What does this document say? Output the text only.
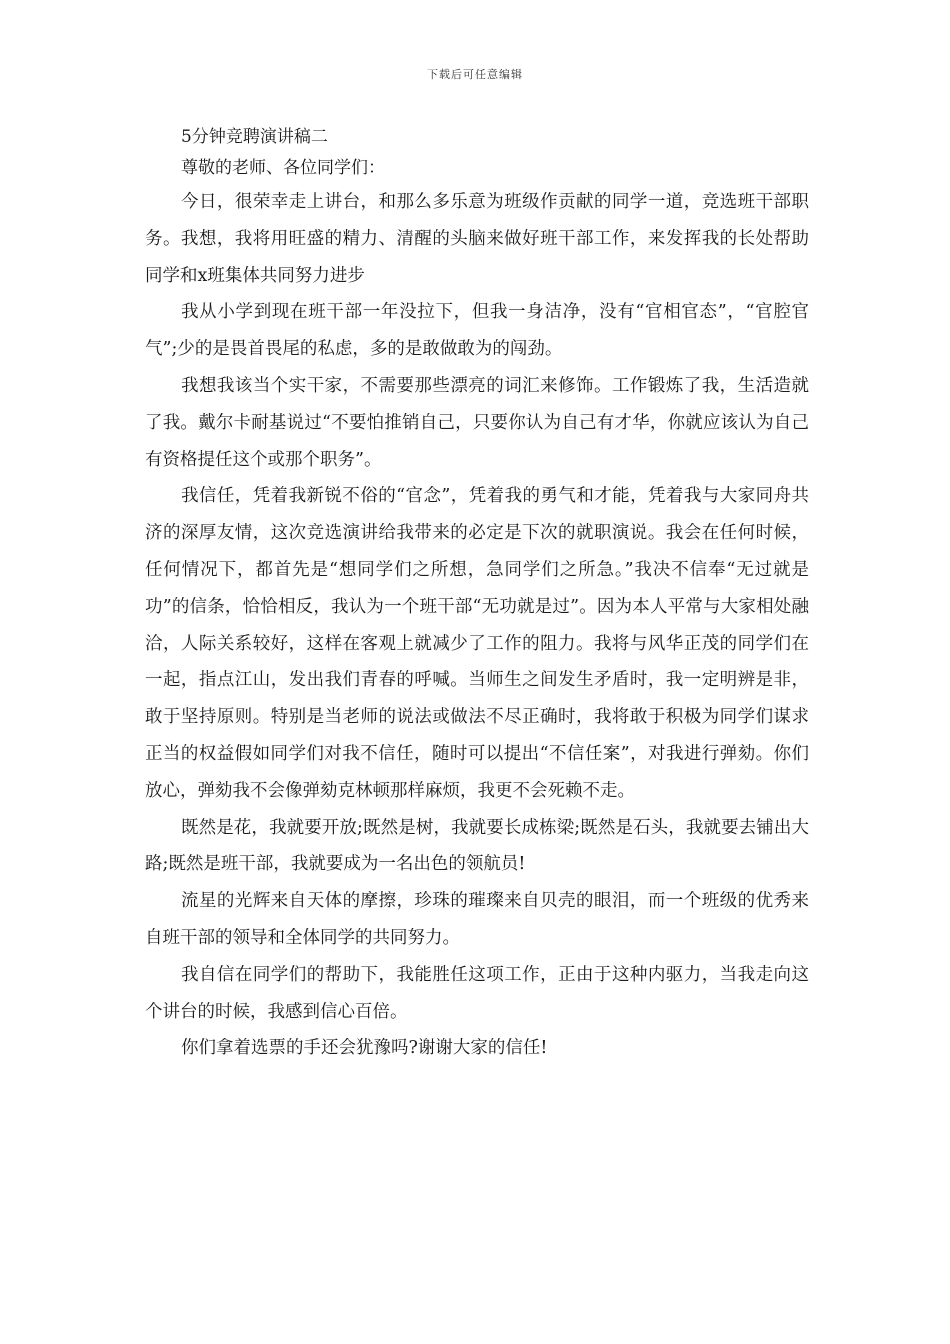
下载后可任意编辑
5分钟竞聘演讲稿二

尊敬的老师、各位同学们：

今日，很荣幸走上讲台，和那么多乐意为班级作贡献的同学一道，竞选班干部职务。我想，我将用旺盛的精力、清醒的头脑来做好班干部工作，来发挥我的长处帮助同学和x班集体共同努力进步

我从小学到现在班干部一年没拉下，但我一身洁净，没有“官相官态”，“官腔官气”;少的是畏首畏尾的私虑，多的是敢做敢为的闯劲。

我想我该当个实干家，不需要那些漂亮的词汇来修饰。工作锻炼了我，生活造就了我。戴尔卡耐基说过“不要怕推销自己，只要你认为自己有才华，你就应该认为自己有资格提任这个或那个职务”。

我信任，凭着我新锐不俗的“官念”，凭着我的勇气和才能，凭着我与大家同舟共济的深厚友情，这次竞选演讲给我带来的必定是下次的就职演说。我会在任何时候，任何情况下，都首先是“想同学们之所想，急同学们之所急。”我决不信奉“无过就是功”的信条，恰恰相反，我认为一个班干部“无功就是过”。因为本人平常与大家相处融洽，人际关系较好，这样在客观上就减少了工作的阻力。我将与风华正茂的同学们在一起，指点江山，发出我们青春的呼喊。当师生之间发生矛盾时，我一定明辨是非，敢于坚持原则。特别是当老师的说法或做法不尽正确时，我将敢于积极为同学们谋求正当的权益假如同学们对我不信任，随时可以提出“不信任案”，对我进行弹劾。你们放心，弹劾我不会像弹劾克林顿那样麻烦，我更不会死赖不走。

既然是花，我就要开放;既然是树，我就要长成栋梁;既然是石头，我就要去铺出大路;既然是班干部，我就要成为一名出色的领航员!

流星的光辉来自天体的摩擦，珍珠的璀璨来自贝壳的眼泪，而一个班级的优秀来自班干部的领导和全体同学的共同努力。

我自信在同学们的帮助下，我能胜任这项工作，正由于这种内驱力，当我走向这个讲台的时候，我感到信心百倍。

你们拿着选票的手还会犹豫吗?谢谢大家的信任!
